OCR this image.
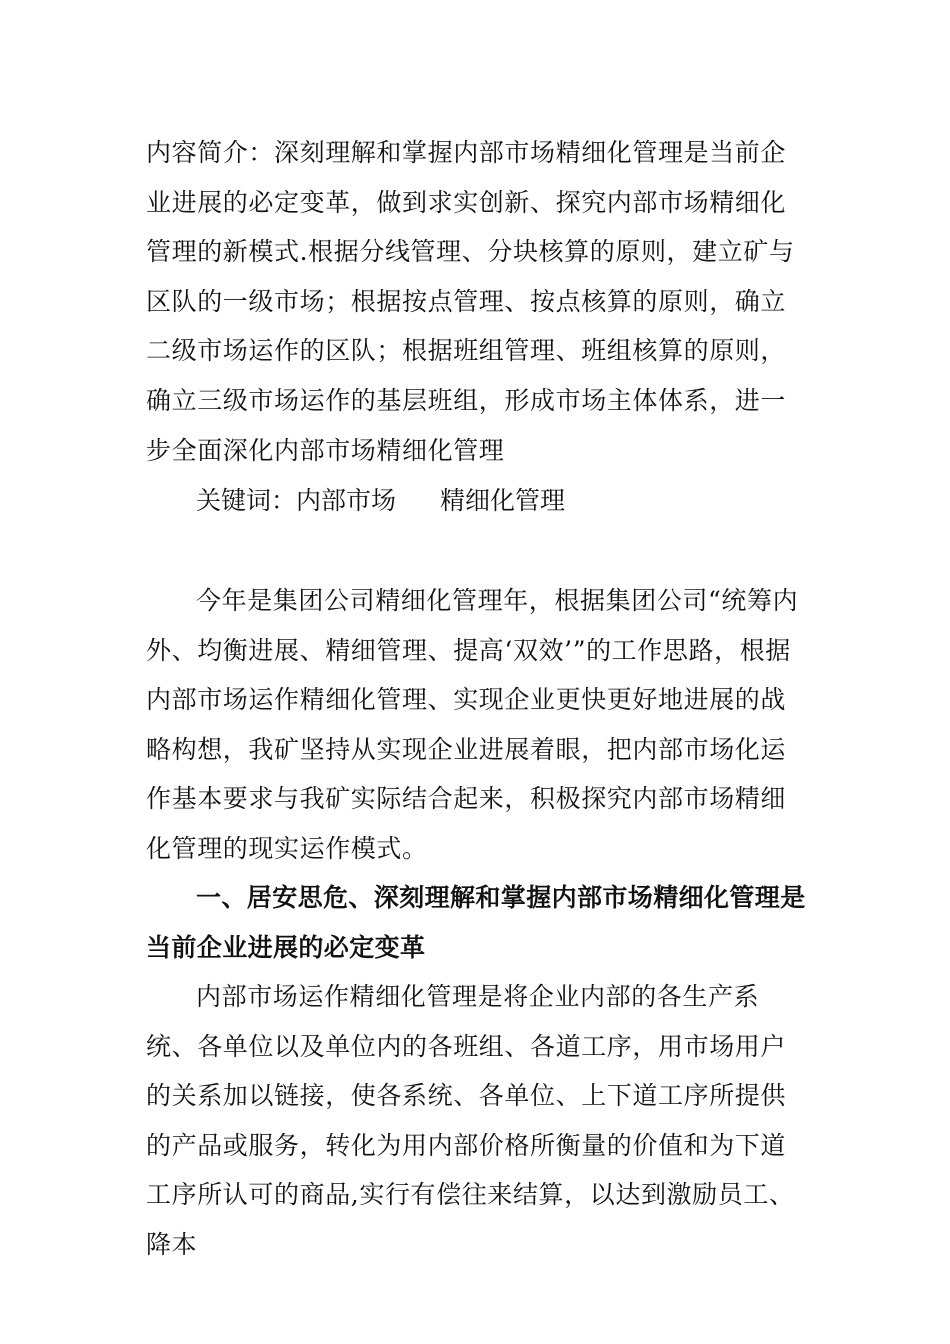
内容简介：深刻理解和掌握内部市场精细化管理是当前企业进展的必定变革，做到求实创新、探究内部市场精细化管理的新模式.根据分线管理、分块核算的原则，建立矿与区队的一级市场；根据按点管理、按点核算的原则，确立二级市场运作的区队；根据班组管理、班组核算的原则，确立三级市场运作的基层班组，形成市场主体体系，进一步全面深化内部市场精细化管理

关键词：内部市场 精细化管理

今年是集团公司精细化管理年，根据集团公司“统筹内外、均衡进展、精细管理、提高‘双效’”的工作思路，根据内部市场运作精细化管理、实现企业更快更好地进展的战略构想，我矿坚持从实现企业进展着眼，把内部市场化运作基本要求与我矿实际结合起来，积极探究内部市场精细化管理的现实运作模式。

一、居安思危、深刻理解和掌握内部市场精细化管理是当前企业进展的必定变革

内部市场运作精细化管理是将企业内部的各生产系统、各单位以及单位内的各班组、各道工序，用市场用户的关系加以链接，使各系统、各单位、上下道工序所提供的产品或服务，转化为用内部价格所衡量的价值和为下道工序所认可的商品,实行有偿往来结算，以达到激励员工、降本
